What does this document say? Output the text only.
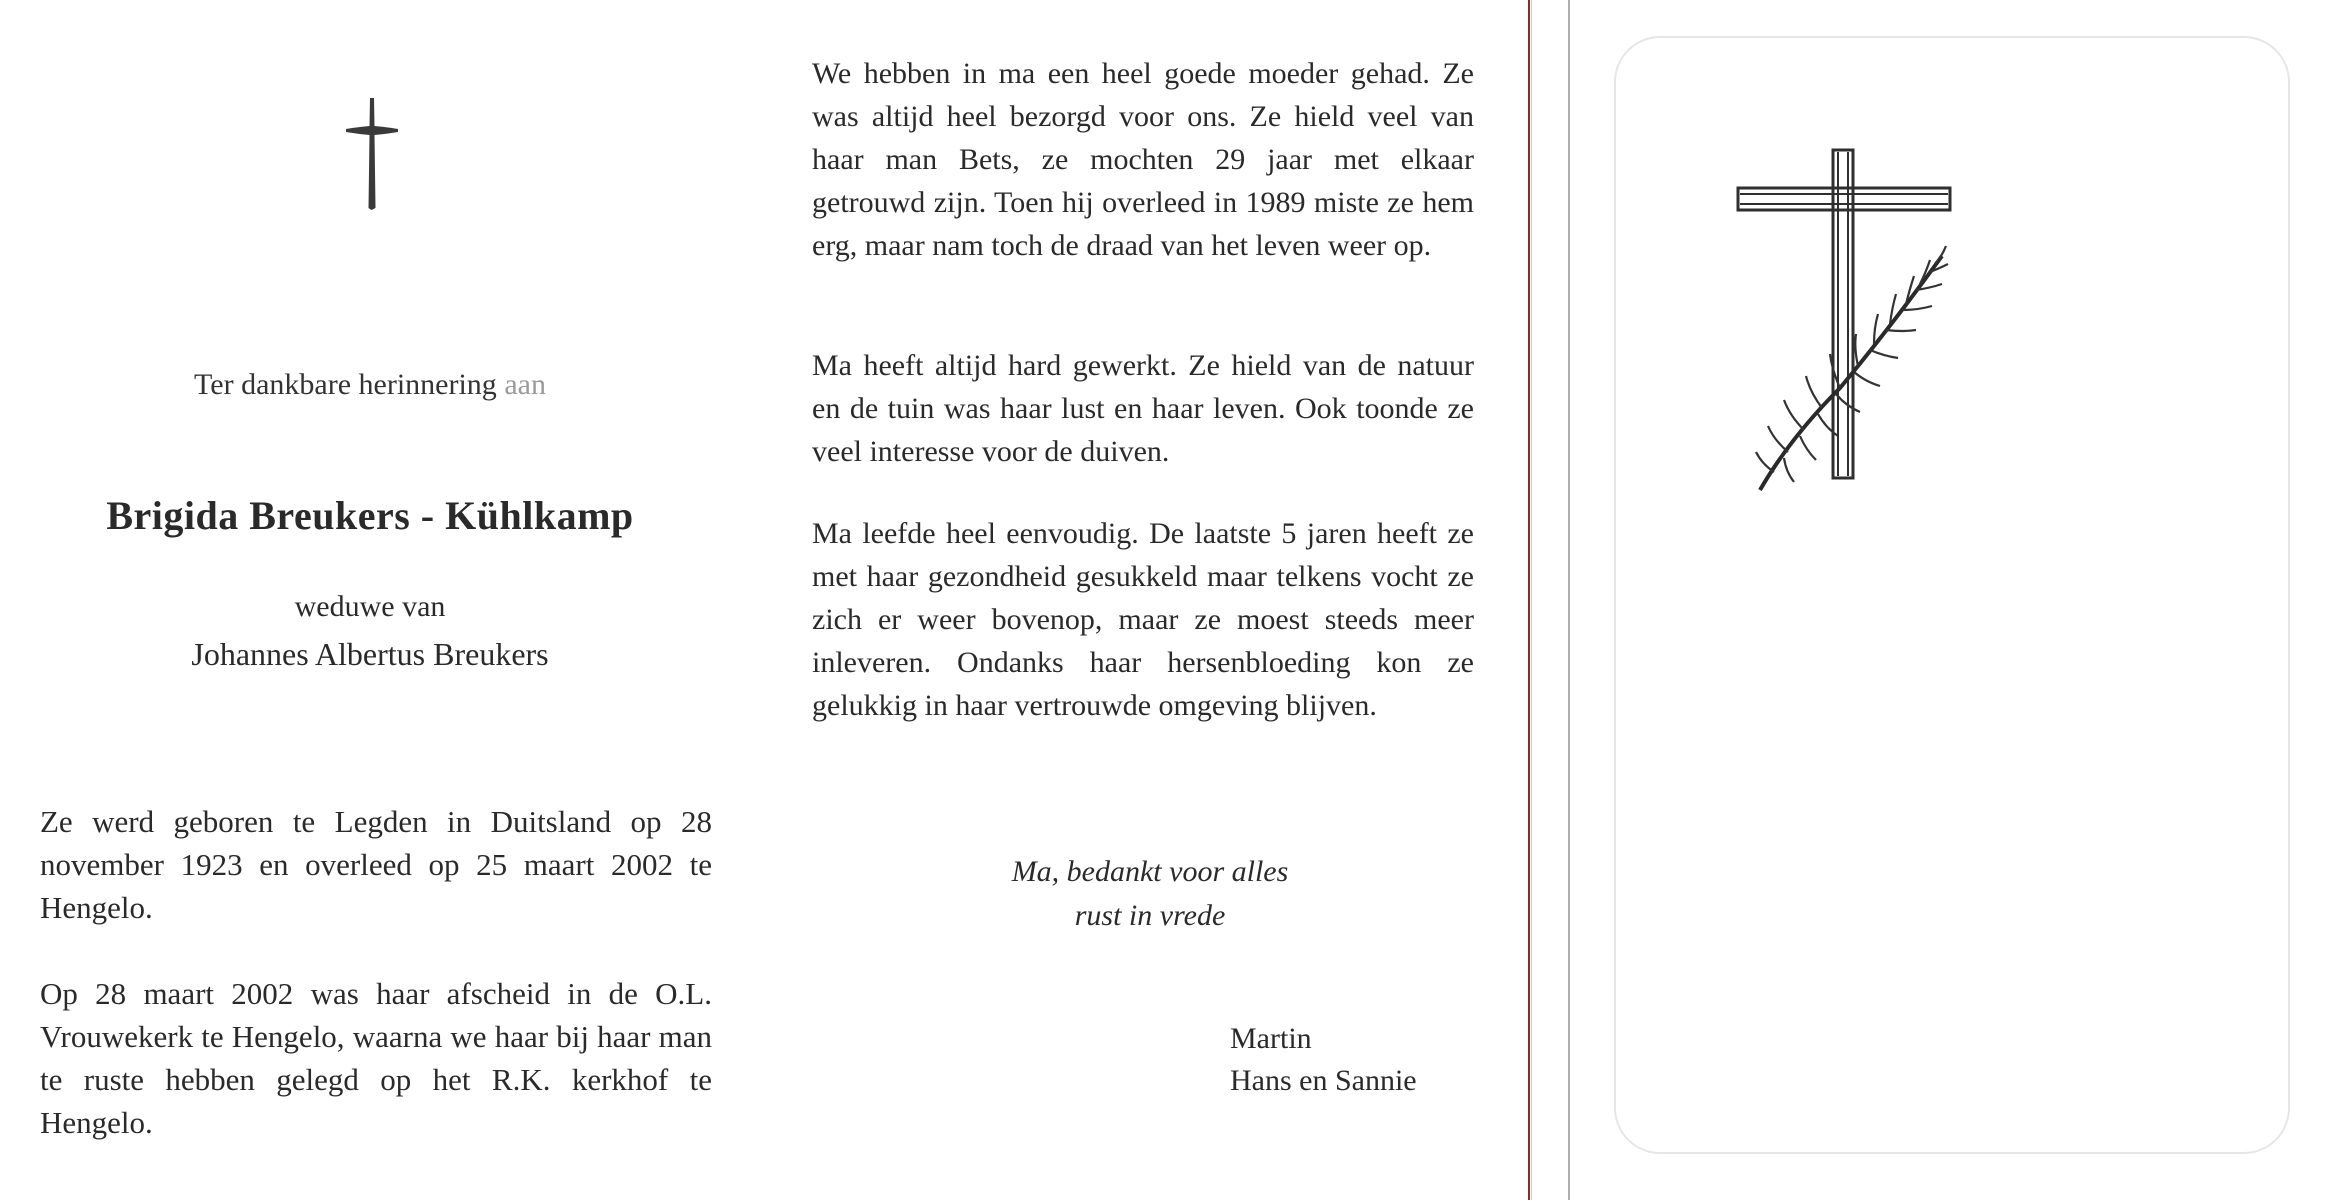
Ter dankbare herinnering aan
Brigida Breukers - Kühlkamp
weduwe van
Johannes Albertus Breukers
Ze werd geboren te Legden in Duitsland op 28 november 1923 en overleed op 25 maart 2002 te Hengelo.
Op 28 maart 2002 was haar afscheid in de O.L. Vrouwekerk te Hengelo, waarna we haar bij haar man te ruste hebben gelegd op het R.K. kerkhof te Hengelo.
We hebben in ma een heel goede moeder gehad. Ze was altijd heel bezorgd voor ons. Ze hield veel van haar man Bets, ze mochten 29 jaar met elkaar getrouwd zijn. Toen hij overleed in 1989 miste ze hem erg, maar nam toch de draad van het leven weer op.
Ma heeft altijd hard gewerkt. Ze hield van de natuur en de tuin was haar lust en haar leven. Ook toonde ze veel interesse voor de duiven.
Ma leefde heel eenvoudig. De laatste 5 jaren heeft ze met haar gezondheid gesukkeld maar telkens vocht ze zich er weer bovenop, maar ze moest steeds meer inleveren. Ondanks haar hersenbloeding kon ze gelukkig in haar vertrouwde omgeving blijven.
Ma, bedankt voor alles
rust in vrede
Martin
Hans en Sannie
